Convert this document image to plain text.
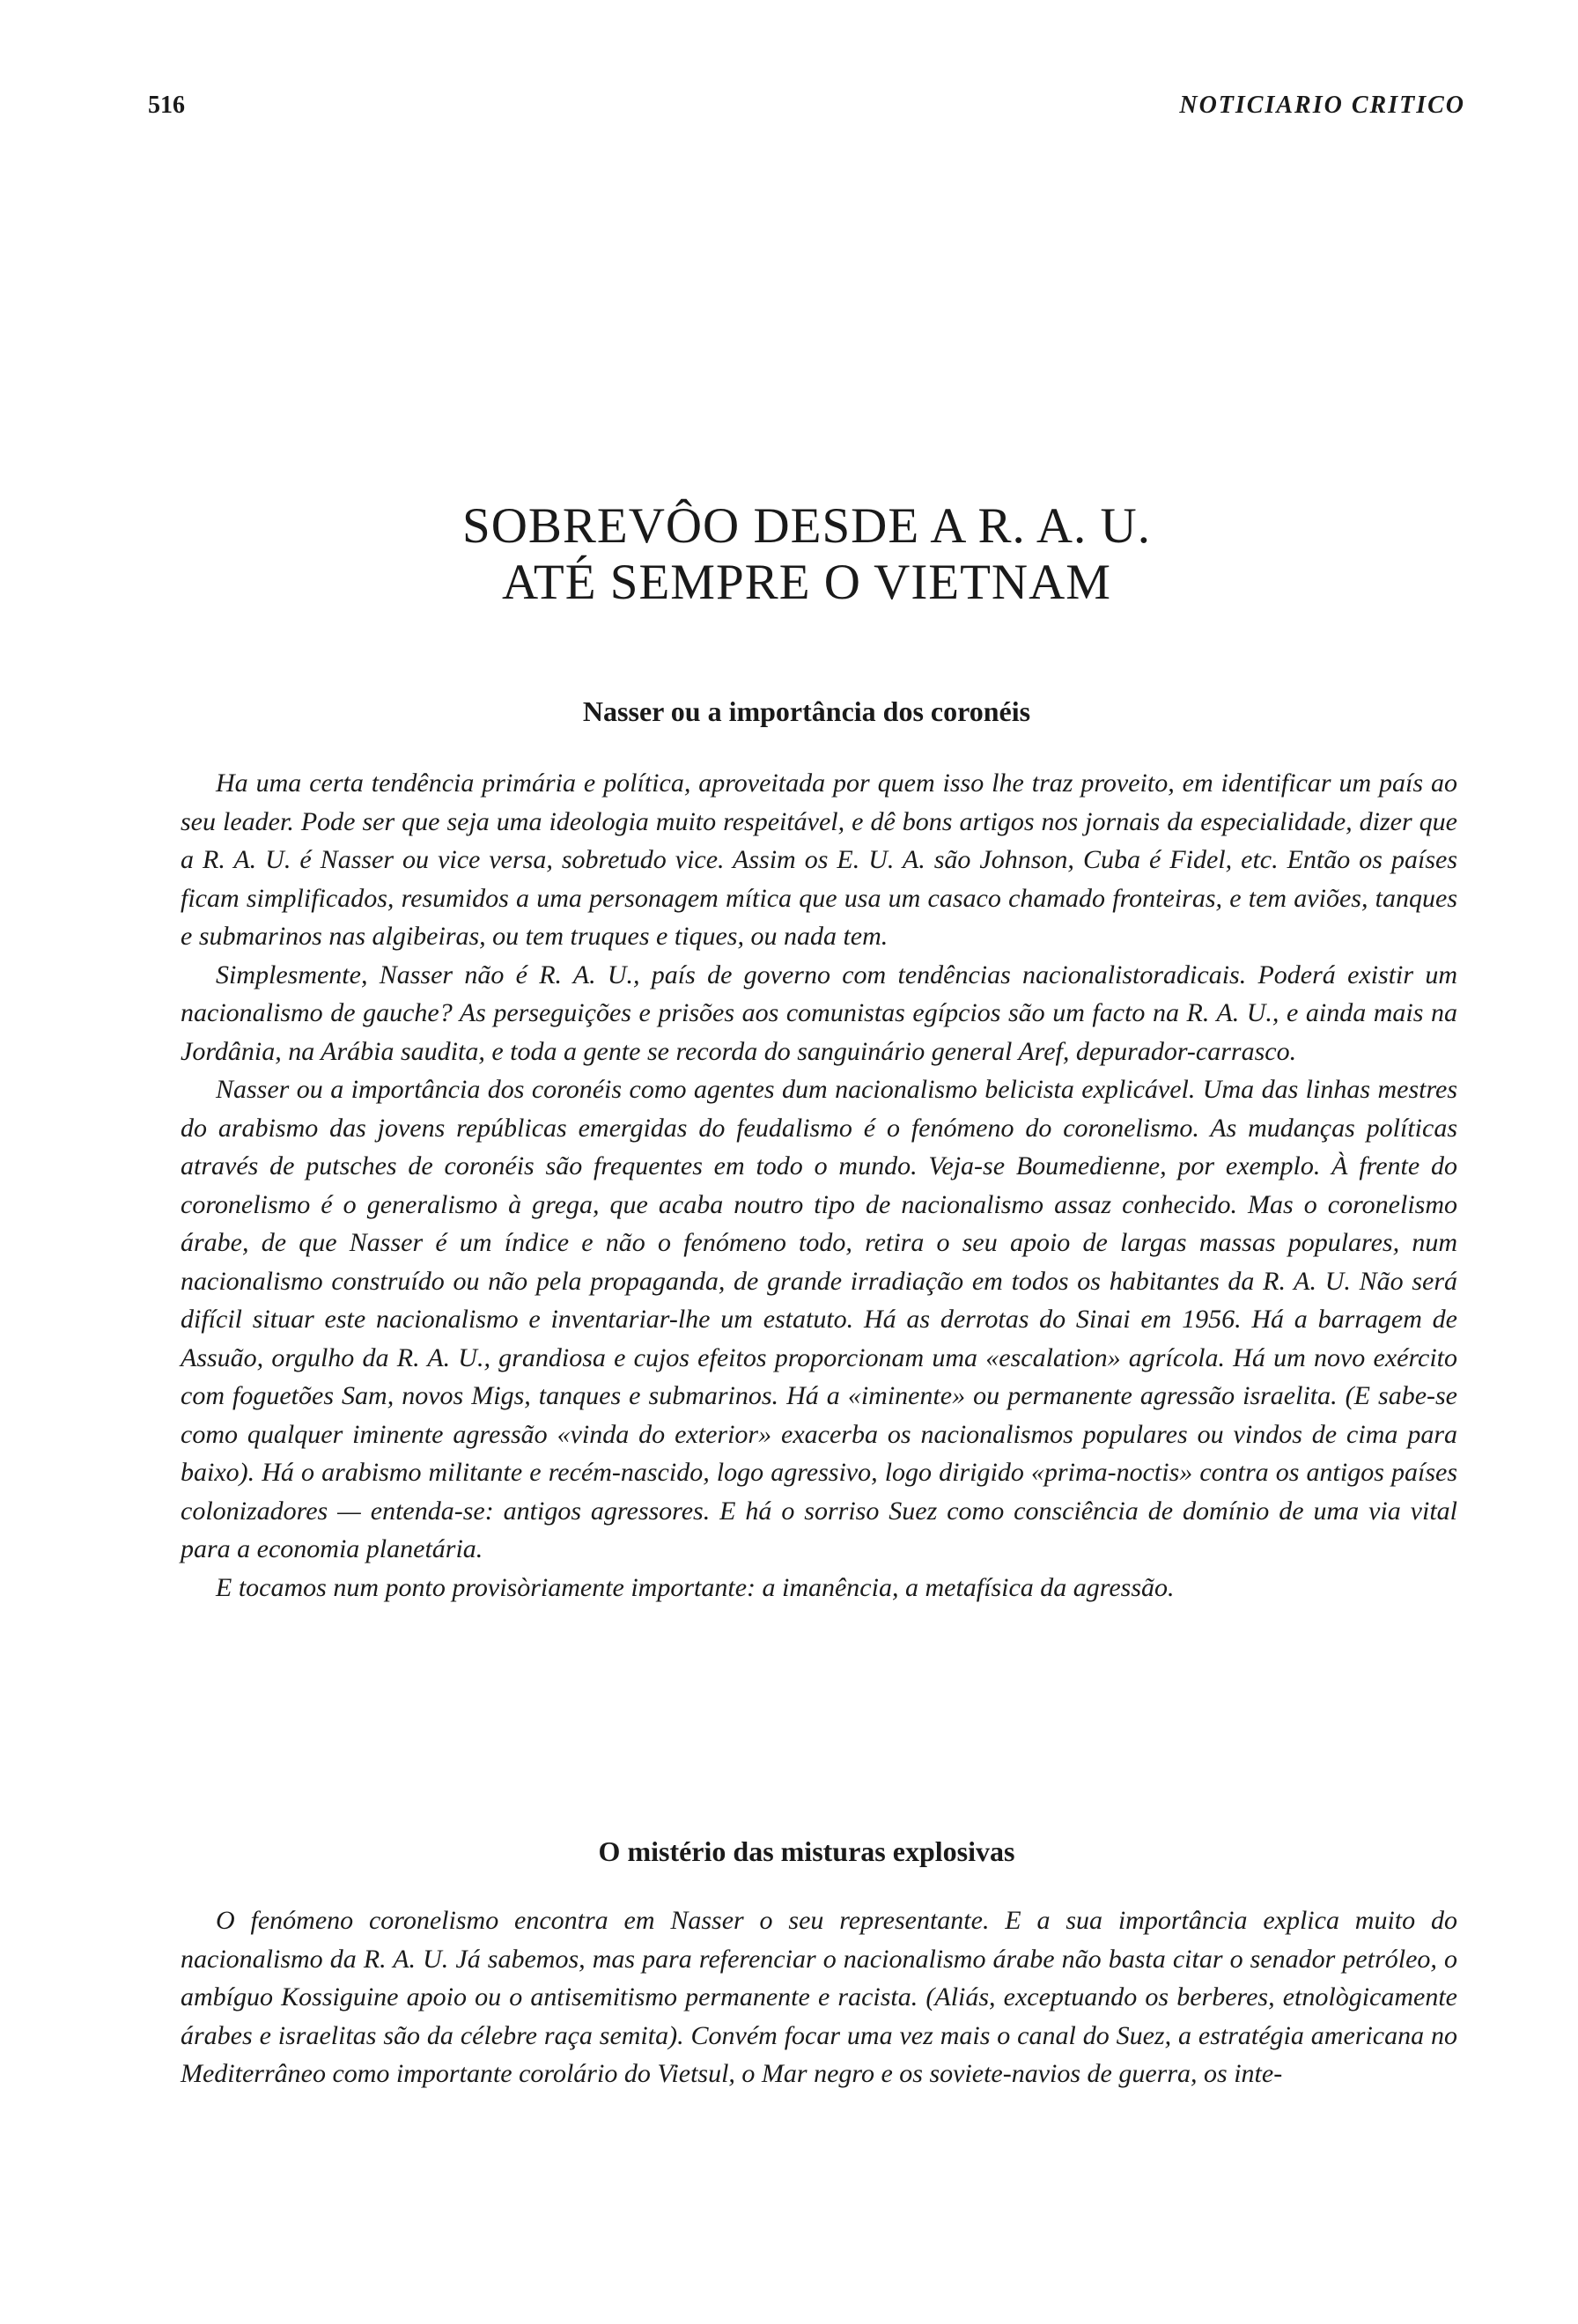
516	NOTICIARIO CRITICO
SOBREVÔO DESDE A R. A. U.
ATÉ SEMPRE O VIETNAM
Nasser ou a importância dos coronéis

Ha uma certa tendência primária e política, aproveitada por quem isso lhe traz proveito, em identificar um país ao seu leader. Pode ser que seja uma ideologia muito respeitável, e dê bons artigos nos jornais da especialidade, dizer que a R. A. U. é Nasser ou vice versa, sobretudo vice. Assim os E. U. A. são Johnson, Cuba é Fidel, etc. Então os países ficam simplificados, resumidos a uma personagem mítica que usa um casaco chamado fronteiras, e tem aviões, tanques e submarinos nas algibeiras, ou tem truques e tiques, ou nada tem.

Simplesmente, Nasser não é R. A. U., país de governo com tendências nacionalistoradicais. Poderá existir um nacionalismo de gauche? As perseguições e prisões aos comunistas egípcios são um facto na R. A. U., e ainda mais na Jordânia, na Arábia saudita, e toda a gente se recorda do sanguinário general Aref, depurador-carrasco.

Nasser ou a importância dos coronéis como agentes dum nacionalismo belicista explicável. Uma das linhas mestres do arabismo das jovens repúblicas emergidas do feudalismo é o fenómeno do coronelismo. As mudanças políticas através de putsches de coronéis são frequentes em todo o mundo. Veja-se Boumedienne, por exemplo. À frente do coronelismo é o generalismo à grega, que acaba noutro tipo de nacionalismo assaz conhecido. Mas o coronelismo árabe, de que Nasser é um índice e não o fenómeno todo, retira o seu apoio de largas massas populares, num nacionalismo construído ou não pela propaganda, de grande irradiação em todos os habitantes da R. A. U. Não será difícil situar este nacionalismo e inventariar-lhe um estatuto. Há as derrotas do Sinai em 1956. Há a barragem de Assuão, orgulho da R. A. U., grandiosa e cujos efeitos proporcionam uma «escalation» agrícola. Há um novo exército com foguetões Sam, novos Migs, tanques e submarinos. Há a «iminente» ou permanente agressão israelita. (E sabe-se como qualquer iminente agressão «vinda do exterior» exacerba os nacionalismos populares ou vindos de cima para baixo). Há o arabismo militante e recém-nascido, logo agressivo, logo dirigido «prima-noctis» contra os antigos países colonizadores — entenda-se: antigos agressores. E há o sorriso Suez como consciência de domínio de uma via vital para a economia planetária.

E tocamos num ponto provisòriamente importante: a imanência, a metafísica da agressão.

O mistério das misturas explosivas

O fenómeno coronelismo encontra em Nasser o seu representante. E a sua importância explica muito do nacionalismo da R. A. U. Já sabemos, mas para referenciar o nacionalismo árabe não basta citar o senador petróleo, o ambíguo Kossiguine apoio ou o antisemitismo permanente e racista. (Aliás, exceptuando os berberes, etnològicamente árabes e israelitas são da célebre raça semita). Convém focar uma vez mais o canal do Suez, a estratégia americana no Mediterrâneo como importante corolário do Vietsul, o Mar negro e os soviete-navios de guerra, os inte-
